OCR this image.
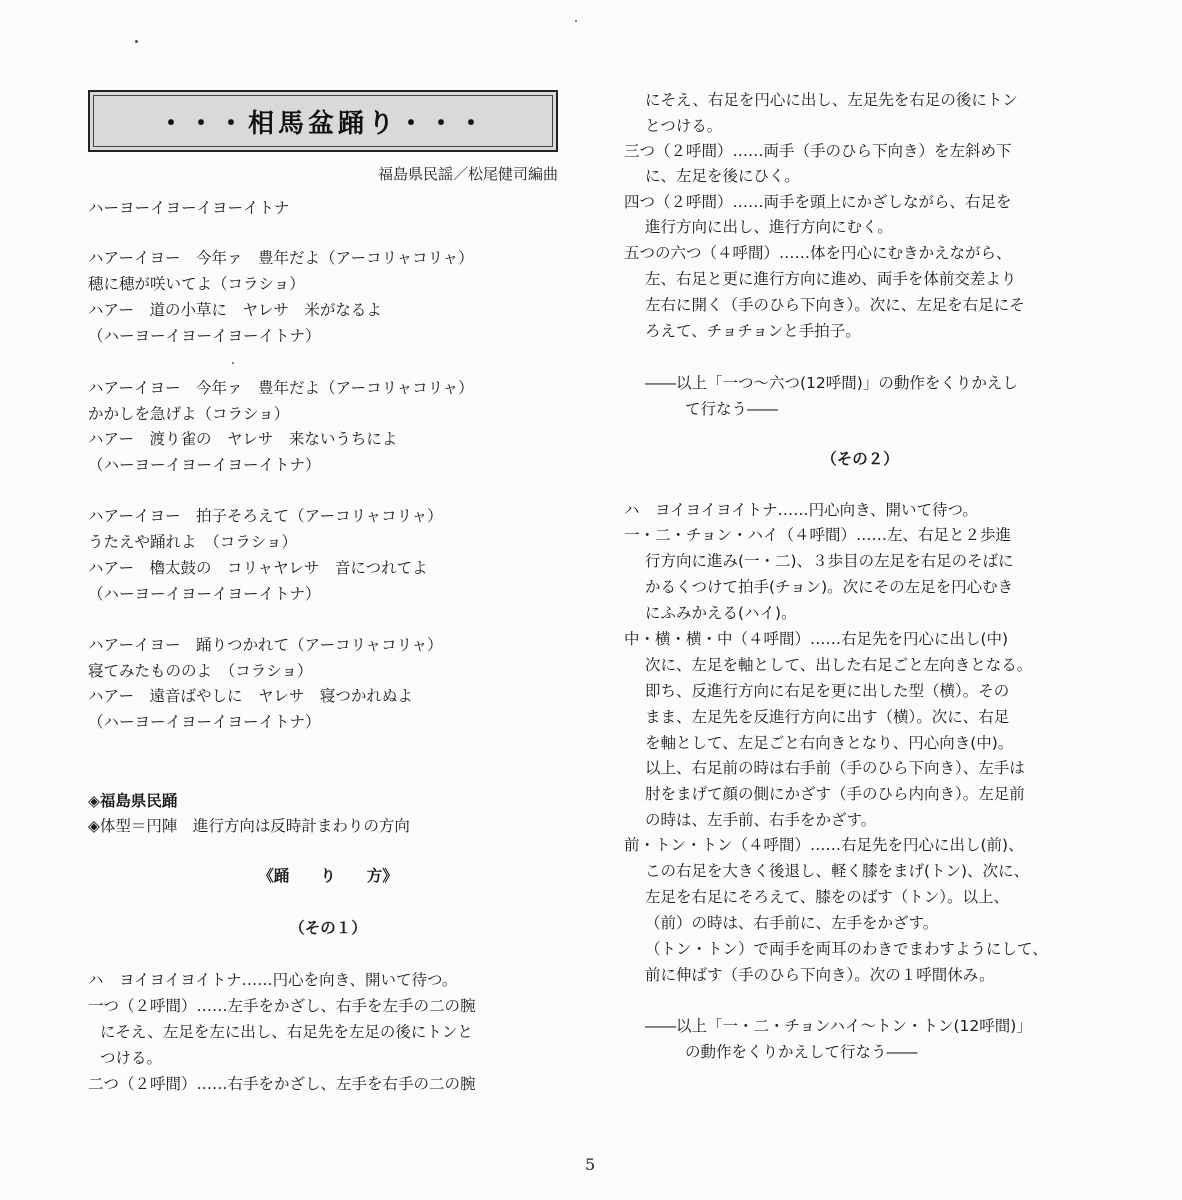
・・・相馬盆踊り・・・
福島県民謡／松尾健司編曲
ハーヨーイヨーイヨーイトナ
ハアーイヨー　今年ァ　豊年だよ（アーコリャコリャ）
穂に穂が咲いてよ（コラショ）
ハアー　道の小草に　ヤレサ　米がなるよ
（ハーヨーイヨーイヨーイトナ）
ハアーイヨー　今年ァ　豊年だよ（アーコリャコリャ）
かかしを急げよ（コラショ）
ハアー　渡り雀の　ヤレサ　来ないうちによ
（ハーヨーイヨーイヨーイトナ）
ハアーイヨー　拍子そろえて（アーコリャコリャ）
うたえや踊れよ　（コラショ）
ハアー　櫓太鼓の　コリャヤレサ　音につれてよ
（ハーヨーイヨーイヨーイトナ）
ハアーイヨー　踊りつかれて（アーコリャコリャ）
寝てみたもののよ　（コラショ）
ハアー　遠音ばやしに　ヤレサ　寝つかれぬよ
（ハーヨーイヨーイヨーイトナ）
◈福島県民踊
◈体型＝円陣　進行方向は反時計まわりの方向
《踊　　り　　方》
（その１）
ハ　ヨイヨイヨイトナ……円心を向き、開いて待つ。
一つ（２呼間）……左手をかざし、右手を左手の二の腕
にそえ、左足を左に出し、右足先を左足の後にトンと
つける。
二つ（２呼間）……右手をかざし、左手を右手の二の腕
にそえ、右足を円心に出し、左足先を右足の後にトン
とつける。
三つ（２呼間）……両手（手のひら下向き）を左斜め下
に、左足を後にひく。
四つ（２呼間）……両手を頭上にかざしながら、右足を
進行方向に出し、進行方向にむく。
五つの六つ（４呼間）……体を円心にむきかえながら、
左、右足と更に進行方向に進め、両手を体前交差より
左右に開く（手のひら下向き）。次に、左足を右足にそ
ろえて、チョチョンと手拍子。
――以上「一つ～六つ(12呼間)」の動作をくりかえし
て行なう――
（その２）
ハ　ヨイヨイヨイトナ……円心向き、開いて待つ。
一・二・チョン・ハイ（４呼間）……左、右足と２歩進
行方向に進み(一・二)、３歩目の左足を右足のそばに
かるくつけて拍手(チョン)。次にその左足を円心むき
にふみかえる(ハイ)。
中・横・横・中（４呼間）……右足先を円心に出し(中)
次に、左足を軸として、出した右足ごと左向きとなる。
即ち、反進行方向に右足を更に出した型（横）。その
まま、左足先を反進行方向に出す（横）。次に、右足
を軸として、左足ごと右向きとなり、円心向き(中)。
以上、右足前の時は右手前（手のひら下向き）、左手は
肘をまげて顔の側にかざす（手のひら内向き）。左足前
の時は、左手前、右手をかざす。
前・トン・トン（４呼間）……右足先を円心に出し(前)、
この右足を大きく後退し、軽く膝をまげ(トン)、次に、
左足を右足にそろえて、膝をのばす（トン）。以上、
（前）の時は、右手前に、左手をかざす。
（トン・トン）で両手を両耳のわきでまわすようにして、
前に伸ばす（手のひら下向き）。次の１呼間休み。
――以上「一・二・チョンハイ～トン・トン(12呼間)」
の動作をくりかえして行なう――
5
